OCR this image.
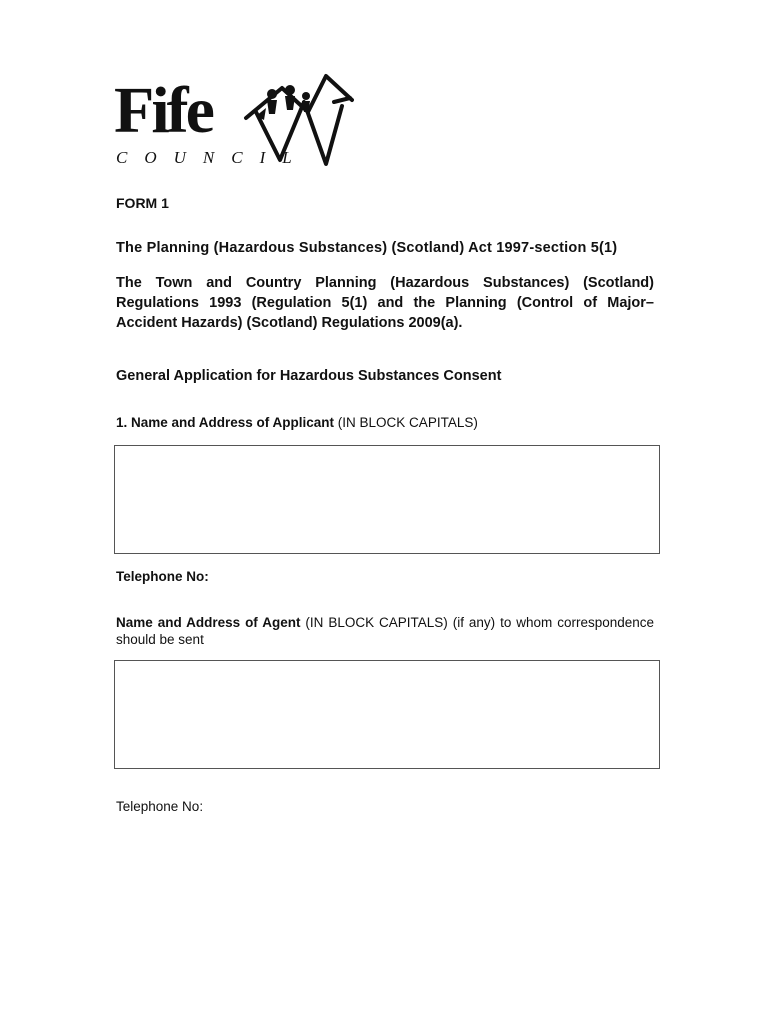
Fife
COUNCIL

FORM 1

The Planning (Hazardous Substances) (Scotland) Act 1997-section 5(1)

The Town and Country Planning (Hazardous Substances) (Scotland) Regulations 1993 (Regulation 5(1) and the Planning (Control of Major–Accident Hazards) (Scotland) Regulations 2009(a).

General Application for Hazardous Substances Consent

1. Name and Address of Applicant (IN BLOCK CAPITALS)

Telephone No:

Name and Address of Agent (IN BLOCK CAPITALS) (if any) to whom correspondence should be sent

Telephone No:
